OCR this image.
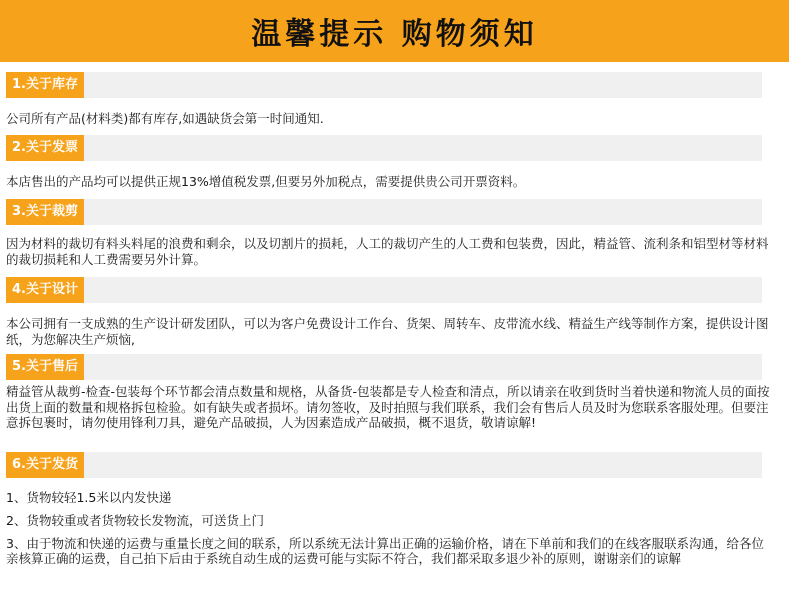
温馨提示 购物须知
1.关于库存
公司所有产品(材料类)都有库存,如遇缺货会第一时间通知.
2.关于发票
本店售出的产品均可以提供正规13%增值税发票,但要另外加税点，需要提供贵公司开票资料。
3.关于裁剪
因为材料的裁切有料头料尾的浪费和剩余，以及切割片的损耗，人工的裁切产生的人工费和包装费，因此，精益管、流利条和铝型材等材料的裁切损耗和人工费需要另外计算。
4.关于设计
本公司拥有一支成熟的生产设计研发团队，可以为客户免费设计工作台、货架、周转车、皮带流水线、精益生产线等制作方案，提供设计图纸，为您解决生产烦恼,
5.关于售后
精益管从裁剪-检查-包装每个环节都会清点数量和规格，从备货-包装都是专人检查和清点，所以请亲在收到货时当着快递和物流人员的面按出货上面的数量和规格拆包检验。如有缺失或者损坏。请勿签收，及时拍照与我们联系，我们会有售后人员及时为您联系客服处理。但要注意拆包裹时，请勿使用锋利刀具，避免产品破损，人为因素造成产品破损，概不退货，敬请谅解!
6.关于发货
1、货物较轻1.5米以内发快递
2、货物较重或者货物较长发物流，可送货上门
3、由于物流和快递的运费与重量长度之间的联系，所以系统无法计算出正确的运输价格，请在下单前和我们的在线客服联系沟通，给各位亲核算正确的运费，自己拍下后由于系统自动生成的运费可能与实际不符合，我们都采取多退少补的原则，谢谢亲们的谅解
